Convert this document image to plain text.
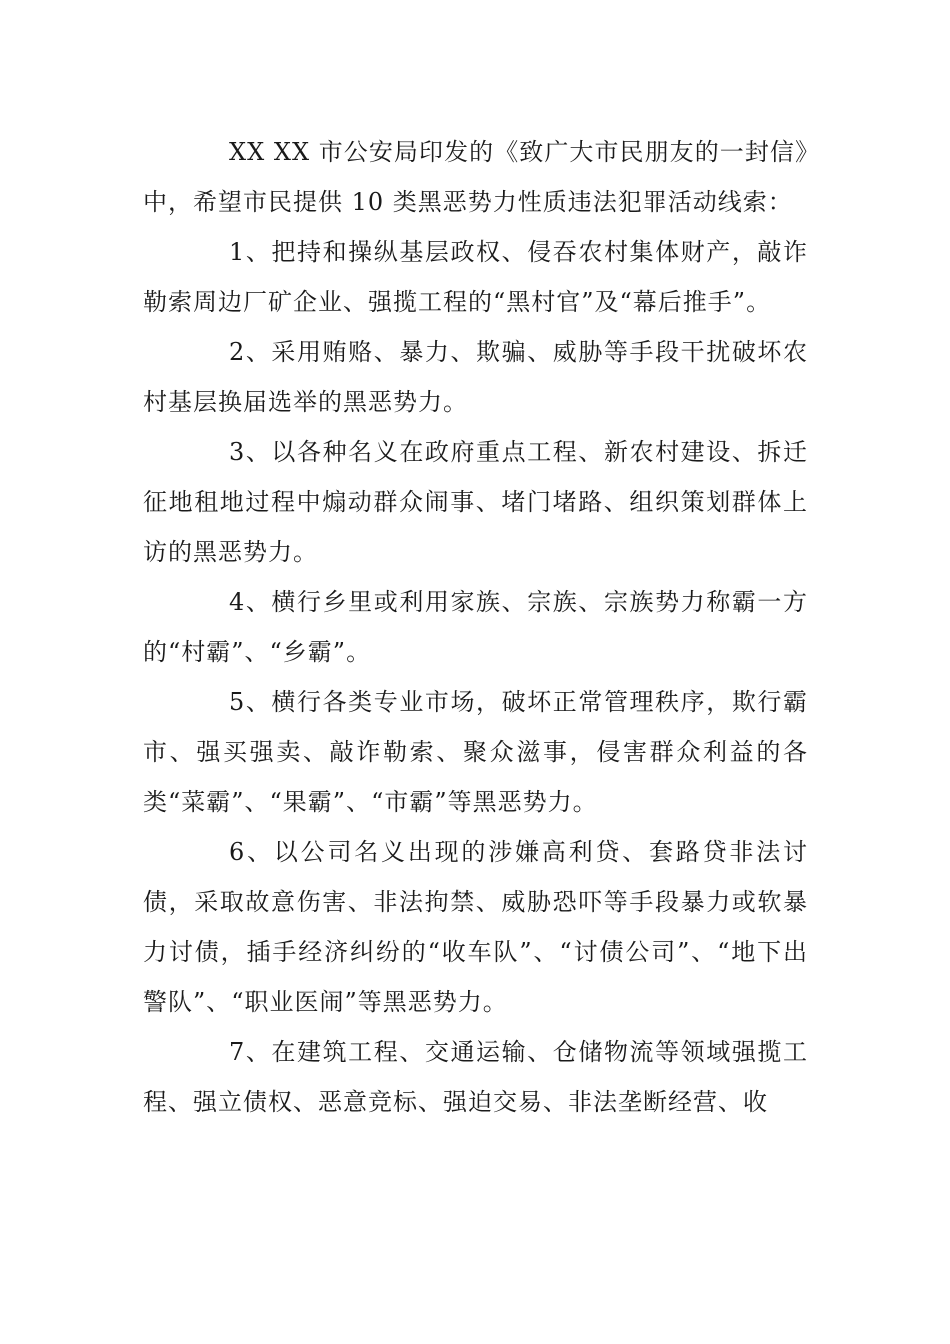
XX XX 市公安局印发的《致广大市民朋友的一封信》中，希望市民提供 10 类黑恶势力性质违法犯罪活动线索：

1、把持和操纵基层政权、侵吞农村集体财产，敲诈勒索周边厂矿企业、强揽工程的“黑村官”及“幕后推手”。

2、采用贿赂、暴力、欺骗、威胁等手段干扰破坏农村基层换届选举的黑恶势力。

3、以各种名义在政府重点工程、新农村建设、拆迁征地租地过程中煽动群众闹事、堵门堵路、组织策划群体上访的黑恶势力。

4、横行乡里或利用家族、宗族、宗族势力称霸一方的“村霸”、“乡霸”。

5、横行各类专业市场，破坏正常管理秩序，欺行霸市、强买强卖、敲诈勒索、聚众滋事，侵害群众利益的各类“菜霸”、“果霸”、“市霸”等黑恶势力。

6、以公司名义出现的涉嫌高利贷、套路贷非法讨债，采取故意伤害、非法拘禁、威胁恐吓等手段暴力或软暴力讨债，插手经济纠纷的“收车队”、“讨债公司”、“地下出警队”、“职业医闹”等黑恶势力。

7、在建筑工程、交通运输、仓储物流等领域强揽工程、强立债权、恶意竞标、强迫交易、非法垄断经营、收
